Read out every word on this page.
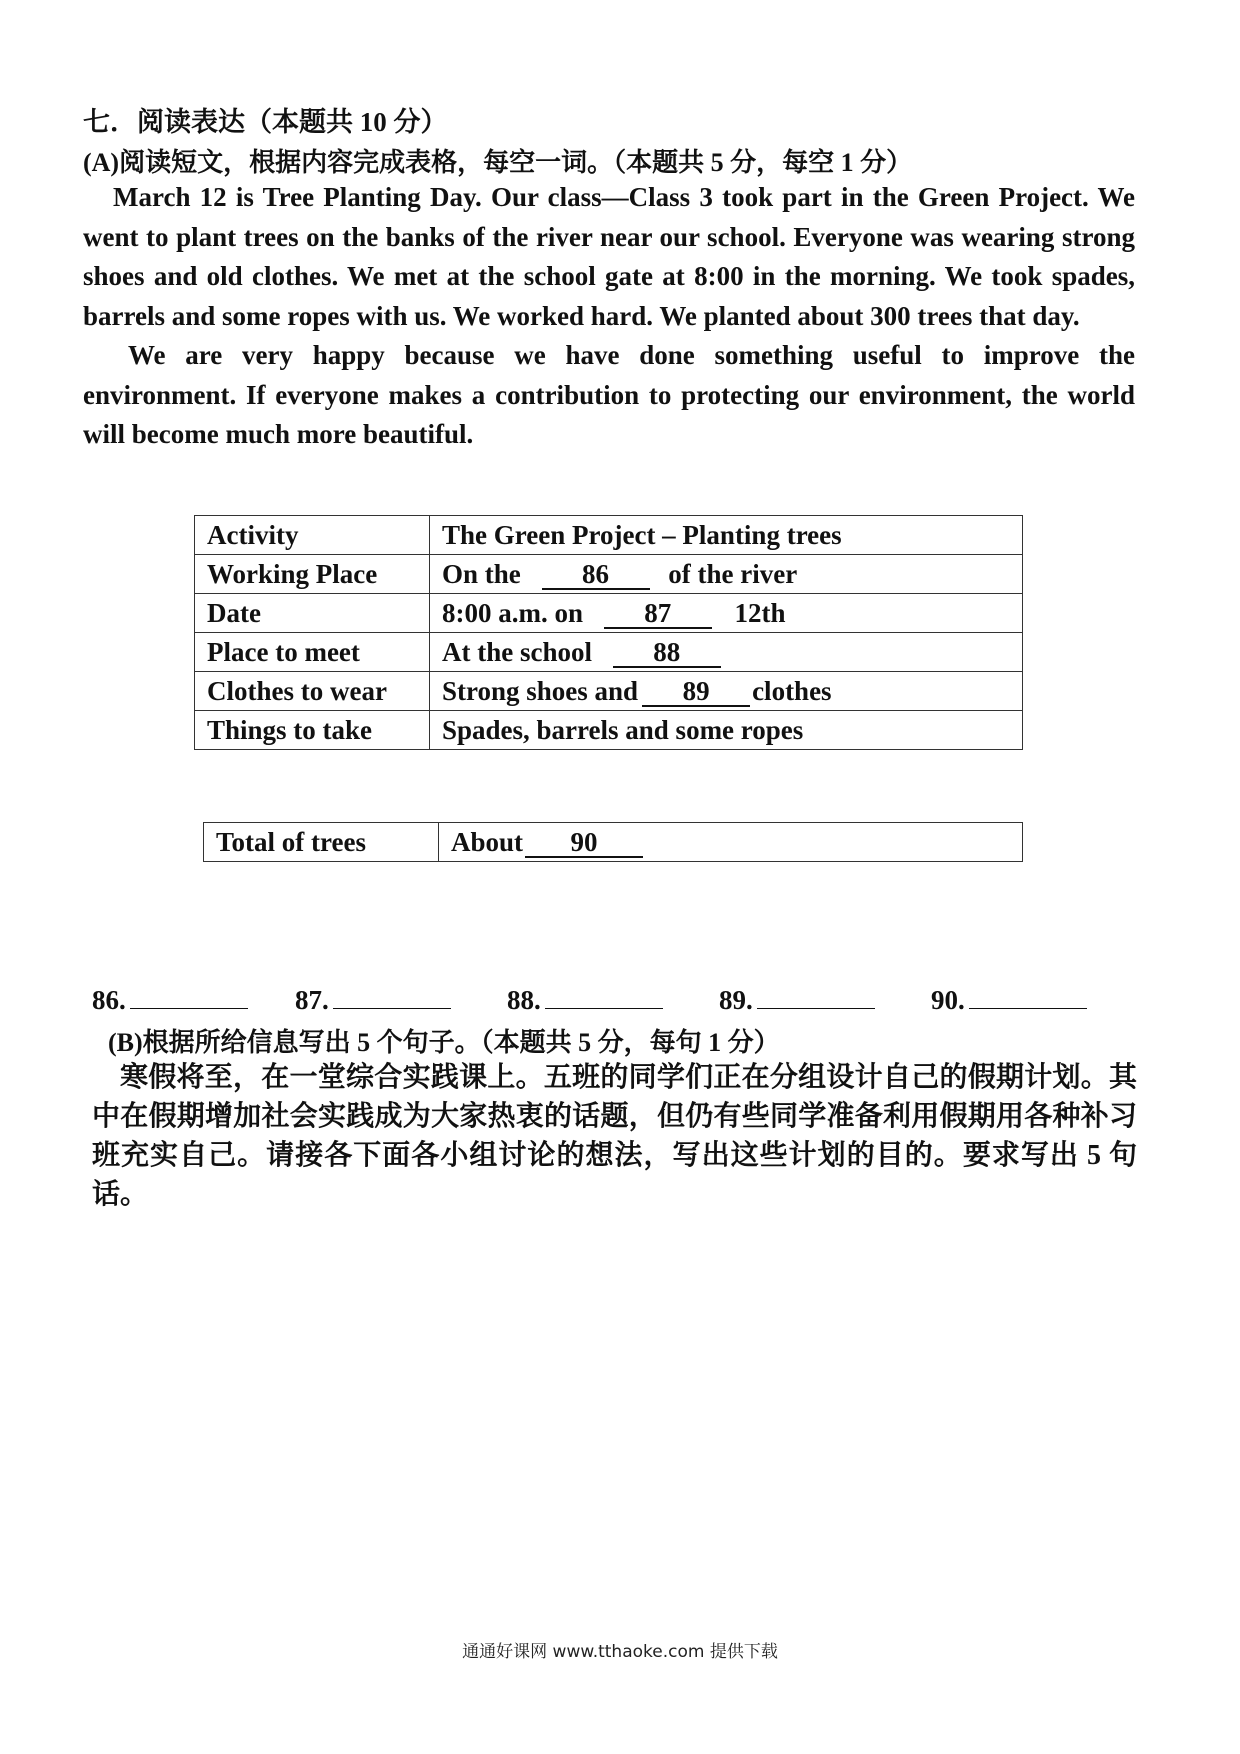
七．阅读表达（本题共 10 分）
(A)阅读短文，根据内容完成表格，每空一词。（本题共 5 分，每空 1 分）

March 12 is Tree Planting Day. Our class—Class 3 took part in the Green Project. We went to plant trees on the banks of the river near our school. Everyone was wearing strong shoes and old clothes. We met at the school gate at 8:00 in the morning. We took spades, barrels and some ropes with us. We worked hard. We planted about 300 trees that day.

We are very happy because we have done something useful to improve the environment. If everyone makes a contribution to protecting our environment, the world will become much more beautiful.

Activity	The Green Project – Planting trees
Working Place	On the 86 of the river
Date	8:00 a.m. on 87 12th
Place to meet	At the school 88
Clothes to wear	Strong shoes and 89 clothes
Things to take	Spades, barrels and some ropes
Total of trees	About 90
86.	87.	88.	89.	90.
(B)根据所给信息写出 5 个句子。（本题共 5 分，每句 1 分）

寒假将至，在一堂综合实践课上。五班的同学们正在分组设计自己的假期计划。其中在假期增加社会实践成为大家热衷的话题，但仍有些同学准备利用假期用各种补习班充实自己。请接各下面各小组讨论的想法，写出这些计划的目的。要求写出 5 句话。

通通好课网 www.tthaoke.com 提供下载
